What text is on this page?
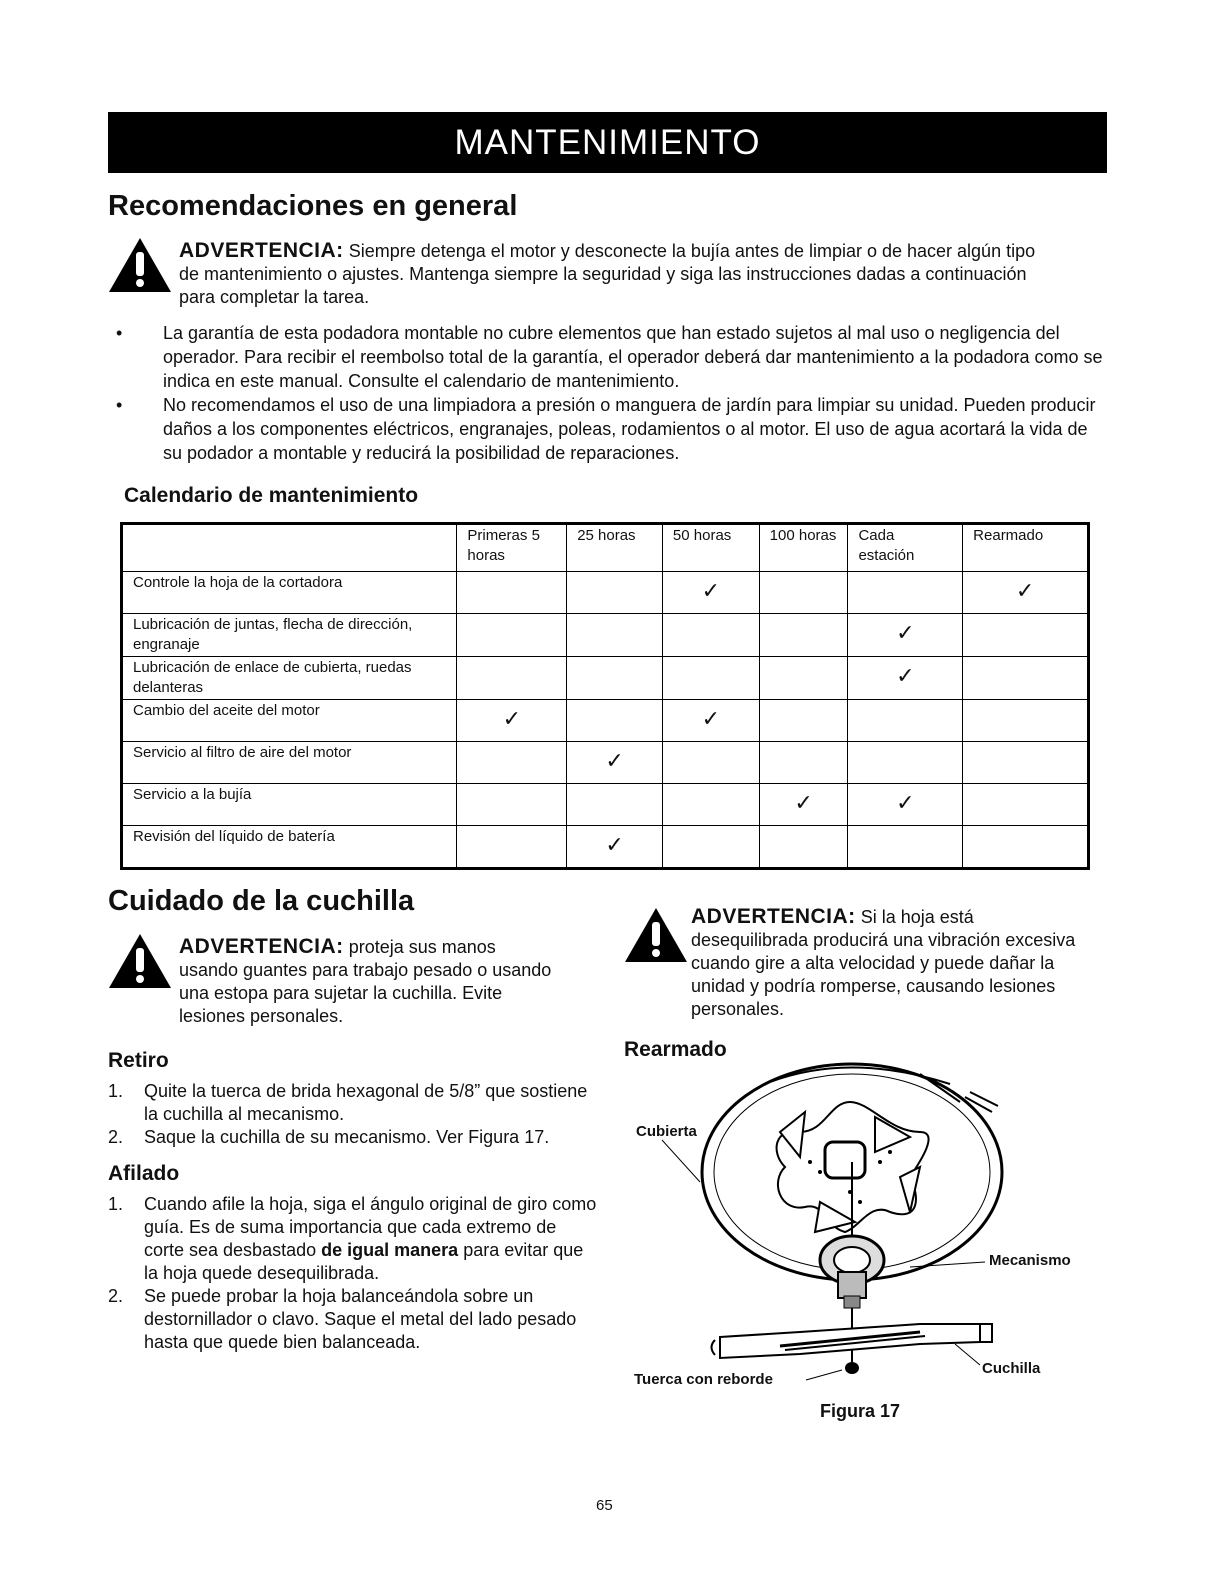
MANTENIMIENTO
Recomendaciones en general
ADVERTENCIA: Siempre detenga el motor y desconecte la bujía antes de limpiar o de hacer algún tipo
de mantenimiento o ajustes. Mantenga siempre la seguridad y siga las instrucciones dadas a continuación
para completar la tarea.
• La garantía de esta podadora montable no cubre elementos que han estado sujetos al mal uso o negligencia del operador. Para recibir el reembolso total de la garantía, el operador deberá dar mantenimiento a la podadora como se indica en este manual. Consulte el calendario de mantenimiento.
• No recomendamos el uso de una limpiadora a presión o manguera de jardín para limpiar su unidad. Pueden producir daños a los componentes eléctricos, engranajes, poleas, rodamientos o al motor. El uso de agua acortará la vida de su podador a montable y reducirá la posibilidad de reparaciones.
Calendario de mantenimiento
	Primeras 5 horas	25 horas	50 horas	100 horas	Cada estación	Rearmado
Controle la hoja de la cortadora			✓			✓
Lubricación de juntas, flecha de dirección, engranaje					✓	
Lubricación de enlace de cubierta, ruedas delanteras					✓	
Cambio del aceite del motor	✓		✓			
Servicio al filtro de aire del motor		✓				
Servicio a la bujía				✓	✓	
Revisión del líquido de batería		✓				
Cuidado de la cuchilla
ADVERTENCIA: proteja sus manos
usando guantes para trabajo pesado o usando
una estopa para sujetar la cuchilla. Evite
lesiones personales.
Retiro
1. Quite la tuerca de brida hexagonal de 5/8” que sostiene la cuchilla al mecanismo.
2. Saque la cuchilla de su mecanismo. Ver Figura 17.
Afilado
1. Cuando afile la hoja, siga el ángulo original de giro como guía. Es de suma importancia que cada extremo de corte sea desbastado de igual manera para evitar que la hoja quede desequilibrada.
2. Se puede probar la hoja balanceándola sobre un destornillador o clavo. Saque el metal del lado pesado hasta que quede bien balanceada.
ADVERTENCIA: Si la hoja está
desequilibrada producirá una vibración excesiva
cuando gire a alta velocidad y puede dañar la
unidad y podría romperse, causando lesiones
personales.
Rearmado
Cubierta
Mecanismo
Cuchilla
Tuerca con reborde
Figura 17
65
